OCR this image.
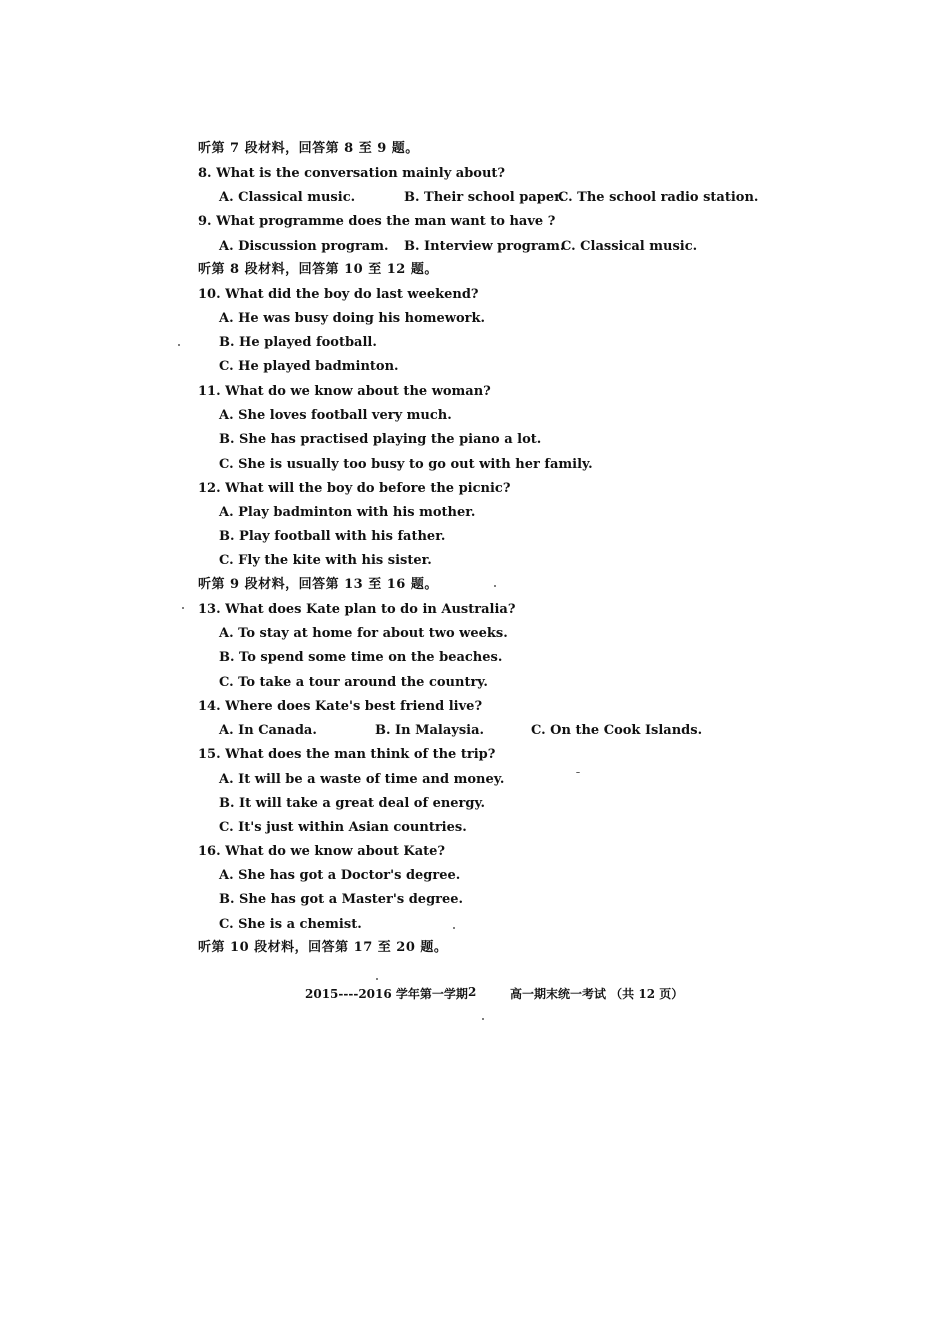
听第 7 段材料，回答第 8 至 9 题。
8. What is the conversation mainly about?
A. Classical music.	B. Their school paper.
C. The school radio station.
9. What programme does the man want to have ?
A. Discussion program. B. Interview program.
C. Classical music.
听第 8 段材料，回答第 10 至 12 题。
10. What did the boy do last weekend?
A. He was busy doing his homework.
B. He played football.
C. He played badminton.
11. What do we know about the woman?
A. She loves football very much.
B. She has practised playing the piano a lot.
C. She is usually too busy to go out with her family.
12. What will the boy do before the picnic?
A. Play badminton with his mother.
B. Play football with his father.
C. Fly the kite with his sister.
听第 9 段材料，回答第 13 至 16 题。
13. What does Kate plan to do in Australia?
A. To stay at home for about two weeks.
B. To spend some time on the beaches.
C. To take a tour around the country.
14. Where does Kate's best friend live?
A. In Canada.	B. In Malaysia.	C. On the Cook Islands.
15. What does the man think of the trip?
A. It will be a waste of time and money.
B. It will take a great deal of energy.
C. It's just within Asian countries.
16. What do we know about Kate?
A. She has got a Doctor's degree.
B. She has got a Master's degree.
C. She is a chemist.
听第 10 段材料，回答第 17 至 20 题。
2015----2016 学年第一学期 2	高一期末统一考试 （共 12 页）
